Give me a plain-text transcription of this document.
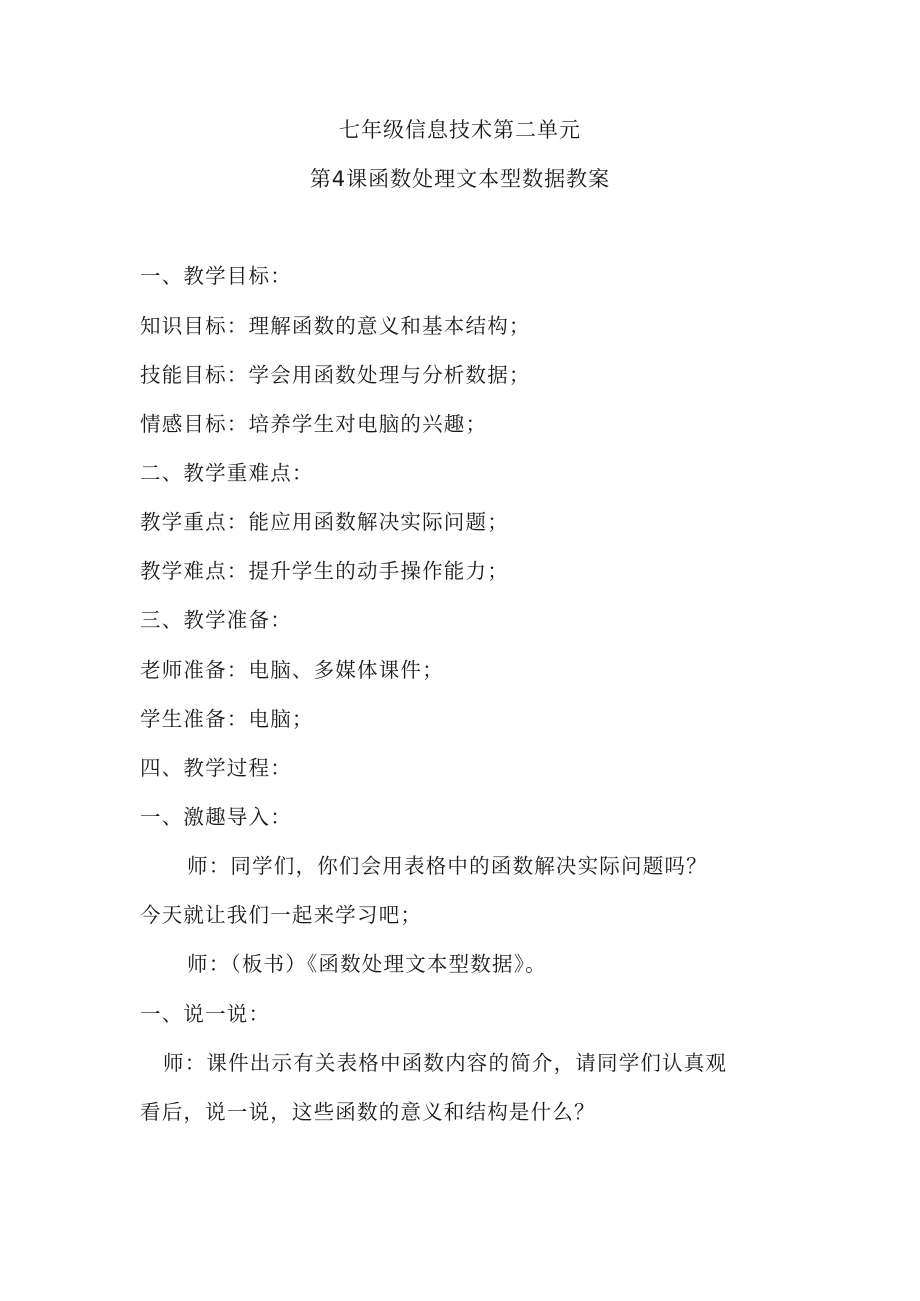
七年级信息技术第二单元
第4课函数处理文本型数据教案
一、教学目标：
知识目标：理解函数的意义和基本结构；
技能目标：学会用函数处理与分析数据；
情感目标：培养学生对电脑的兴趣；
二、教学重难点：
教学重点：能应用函数解决实际问题；
教学难点：提升学生的动手操作能力；
三、教学准备：
老师准备：电脑、多媒体课件；
学生准备：电脑；
四、教学过程：
一、激趣导入：
师：同学们，你们会用表格中的函数解决实际问题吗？
今天就让我们一起来学习吧；
师：（板书）《函数处理文本型数据》。
一、说一说：
师：课件出示有关表格中函数内容的简介，请同学们认真观
看后，说一说，这些函数的意义和结构是什么？
